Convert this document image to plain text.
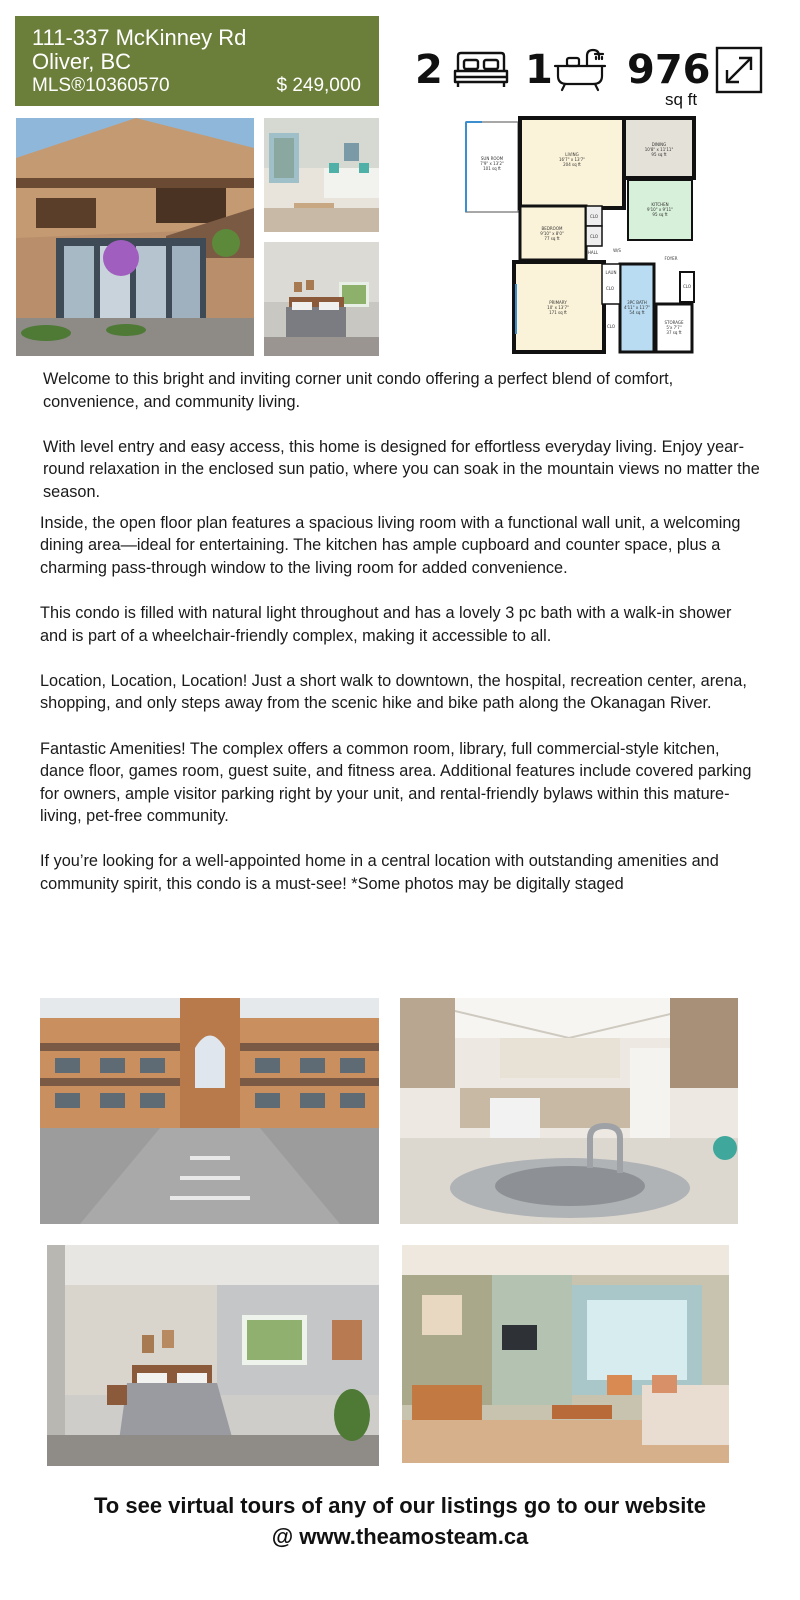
111-337 McKinney Rd
Oliver, BC
MLS®10360570	$ 249,000 2 1 976
sq ft
SUN ROOM
7'9" x 13'2"
101 sq ft
LIVING
16'7" x 13'7"
204 sq ft
DINING
10'8" x 11'11"
95 sq ft
KITCHEN
9'10" x 9'11"
95 sq ft
BEDROOM
9'10" x 8'0"
77 sq ft
PRIMARY
10' x 13'7"
171 sq ft
3PC BATH
4'11" x 11'7"
54 sq ft
STORAGE
5'x 7'7"
37 sq ft
CLO
CLO
HALL	W/S
LAUN
FOYER
CLO
CLO
CLO

Welcome to this bright and inviting corner unit condo offering a perfect blend of comfort, convenience, and community living.

With level entry and easy access, this home is designed for effortless everyday living. Enjoy year-round relaxation in the enclosed sun patio, where you can soak in the mountain views no matter the season.

Inside, the open floor plan features a spacious living room with a functional wall unit, a welcoming dining area—ideal for entertaining. The kitchen has ample cupboard and counter space, plus a charming pass-through window to the living room for added convenience.

This condo is filled with natural light throughout and has a lovely 3 pc bath with a walk-in shower and is part of a wheelchair-friendly complex, making it accessible to all.

Location, Location, Location! Just a short walk to downtown, the hospital, recreation center, arena, shopping, and only steps away from the scenic hike and bike path along the Okanagan River.

Fantastic Amenities! The complex offers a common room, library, full commercial-style kitchen, dance floor, games room, guest suite, and fitness area. Additional features include covered parking for owners, ample visitor parking right by your unit, and rental-friendly bylaws within this mature-living, pet-free community.

If you’re looking for a well-appointed home in a central location with outstanding amenities and community spirit, this condo is a must-see! *Some photos may be digitally staged

To see virtual tours of any of our listings go to our website
@ www.theamosteam.ca
